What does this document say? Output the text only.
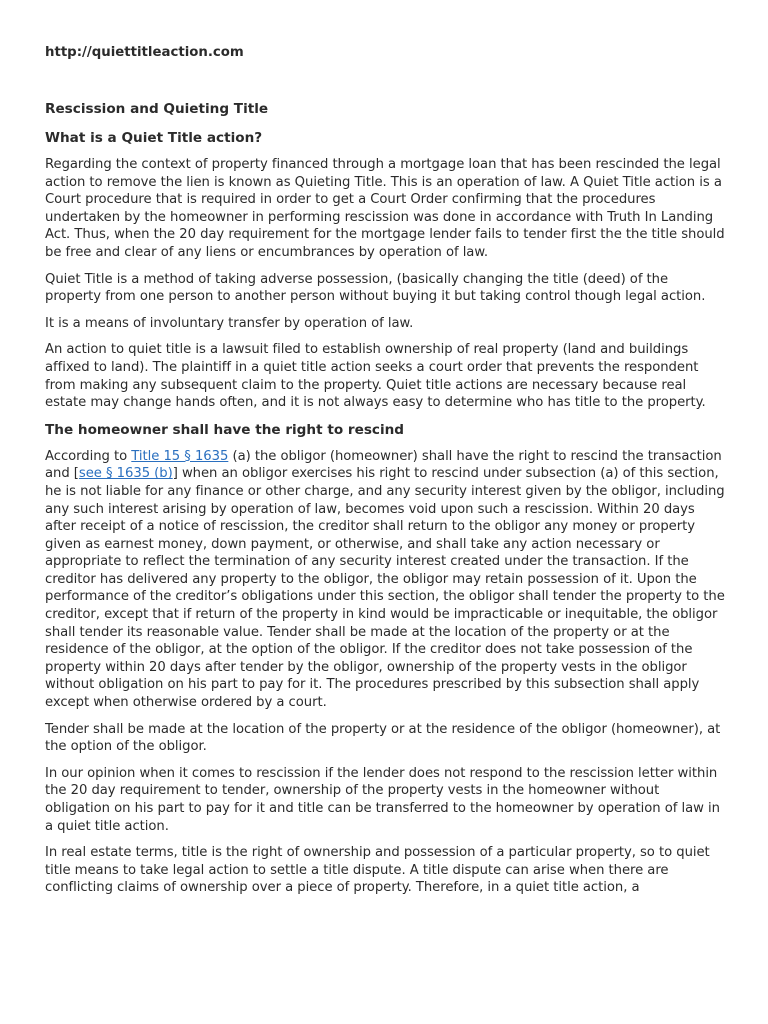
http://quiettitleaction.com
Rescission and Quieting Title
What is a Quiet Title action?

Regarding the context of property financed through a mortgage loan that has been rescinded the legal action to remove the lien is known as Quieting Title. This is an operation of law. A Quiet Title action is a Court procedure that is required in order to get a Court Order confirming that the procedures undertaken by the homeowner in performing rescission was done in accordance with Truth In Landing Act. Thus, when the 20 day requirement for the mortgage lender fails to tender first the the title should be free and clear of any liens or encumbrances by operation of law.

Quiet Title is a method of taking adverse possession, (basically changing the title (deed) of the property from one person to another person without buying it but taking control though legal action.

It is a means of involuntary transfer by operation of law.

An action to quiet title is a lawsuit filed to establish ownership of real property (land and buildings affixed to land). The plaintiff in a quiet title action seeks a court order that prevents the respondent from making any subsequent claim to the property. Quiet title actions are necessary because real estate may change hands often, and it is not always easy to determine who has title to the property.

The homeowner shall have the right to rescind

According to Title 15 § 1635 (a) the obligor (homeowner) shall have the right to rescind the transaction and [see § 1635 (b)] when an obligor exercises his right to rescind under subsection (a) of this section, he is not liable for any finance or other charge, and any security interest given by the obligor, including any such interest arising by operation of law, becomes void upon such a rescission. Within 20 days after receipt of a notice of rescission, the creditor shall return to the obligor any money or property given as earnest money, down payment, or otherwise, and shall take any action necessary or appropriate to reflect the termination of any security interest created under the transaction. If the creditor has delivered any property to the obligor, the obligor may retain possession of it. Upon the performance of the creditor’s obligations under this section, the obligor shall tender the property to the creditor, except that if return of the property in kind would be impracticable or inequitable, the obligor shall tender its reasonable value. Tender shall be made at the location of the property or at the residence of the obligor, at the option of the obligor. If the creditor does not take possession of the property within 20 days after tender by the obligor, ownership of the property vests in the obligor without obligation on his part to pay for it. The procedures prescribed by this subsection shall apply except when otherwise ordered by a court.

Tender shall be made at the location of the property or at the residence of the obligor (homeowner), at the option of the obligor.

In our opinion when it comes to rescission if the lender does not respond to the rescission letter within the 20 day requirement to tender, ownership of the property vests in the homeowner without obligation on his part to pay for it and title can be transferred to the homeowner by operation of law in a quiet title action.

In real estate terms, title is the right of ownership and possession of a particular property, so to quiet title means to take legal action to settle a title dispute. A title dispute can arise when there are conflicting claims of ownership over a piece of property. Therefore, in a quiet title action, a
